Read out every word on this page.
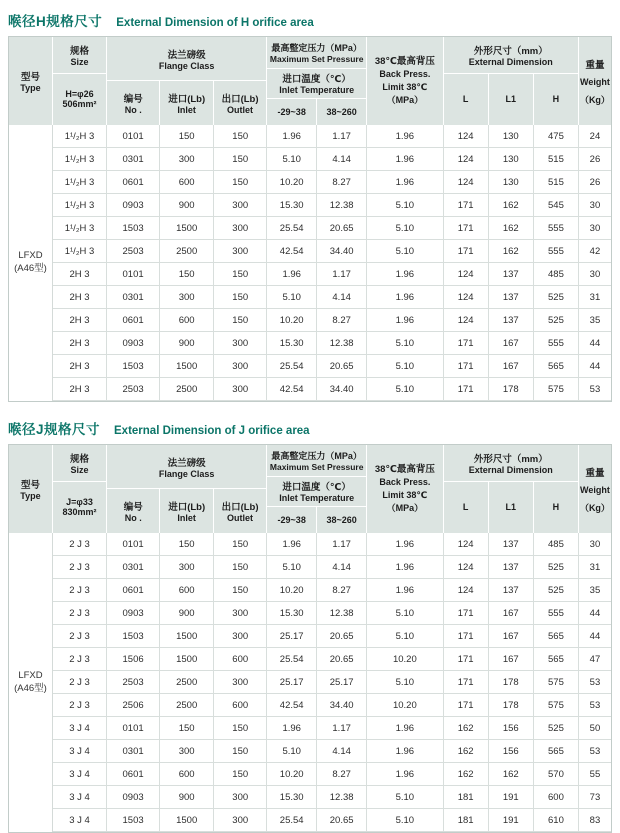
喉径H规格尺寸 External Dimension of H orifice area
型号
Type
规格
Size
H=φ26
506mm²
法兰磅级
Flange Class
编号
No .
进口(Lb)
Inlet
出口(Lb)
Outlet
最高整定压力（MPa）
Maximum Set Pressure
进口温度（℃）
Inlet Temperature
-29~38	38~260
38℃最高背压
Back Press.
Limit 38℃
（MPa）
外形尺寸（mm）
External Dimension
L	L1	H
重量
Weight
（Kg）
LFXD
(A46型)
1¹/₂H 3	0101	150	150	1.96	1.17	1.96	124	130	475	24
1¹/₂H 3	0301	300	150	5.10	4.14	1.96	124	130	515	26
1¹/₂H 3	0601	600	150	10.20	8.27	1.96	124	130	515	26
1¹/₂H 3	0903	900	300	15.30	12.38	5.10	171	162	545	30
1¹/₂H 3	1503	1500	300	25.54	20.65	5.10	171	162	555	30
1¹/₂H 3	2503	2500	300	42.54	34.40	5.10	171	162	555	42
2H 3	0101	150	150	1.96	1.17	1.96	124	137	485	30
2H 3	0301	300	150	5.10	4.14	1.96	124	137	525	31
2H 3	0601	600	150	10.20	8.27	1.96	124	137	525	35
2H 3	0903	900	300	15.30	12.38	5.10	171	167	555	44
2H 3	1503	1500	300	25.54	20.65	5.10	171	167	565	44
2H 3	2503	2500	300	42.54	34.40	5.10	171	178	575	53
喉径J规格尺寸 External Dimension of J orifice area
型号
Type
规格
Size
J=φ33
830mm²
法兰磅级
Flange Class
编号
No .
进口(Lb)
Inlet
出口(Lb)
Outlet
最高整定压力（MPa）
Maximum Set Pressure
进口温度（℃）
Inlet Temperature
-29~38	38~260
38℃最高背压
Back Press.
Limit 38℃
（MPa）
外形尺寸（mm）
External Dimension
L	L1	H
重量
Weight
（Kg）
LFXD
(A46型)
2 J 3	0101	150	150	1.96	1.17	1.96	124	137	485	30
2 J 3	0301	300	150	5.10	4.14	1.96	124	137	525	31
2 J 3	0601	600	150	10.20	8.27	1.96	124	137	525	35
2 J 3	0903	900	300	15.30	12.38	5.10	171	167	555	44
2 J 3	1503	1500	300	25.17	20.65	5.10	171	167	565	44
2 J 3	1506	1500	600	25.54	20.65	10.20	171	167	565	47
2 J 3	2503	2500	300	25.17	25.17	5.10	171	178	575	53
2 J 3	2506	2500	600	42.54	34.40	10.20	171	178	575	53
3 J 4	0101	150	150	1.96	1.17	1.96	162	156	525	50
3 J 4	0301	300	150	5.10	4.14	1.96	162	156	565	53
3 J 4	0601	600	150	10.20	8.27	1.96	162	162	570	55
3 J 4	0903	900	300	15.30	12.38	5.10	181	191	600	73
3 J 4	1503	1500	300	25.54	20.65	5.10	181	191	610	83
